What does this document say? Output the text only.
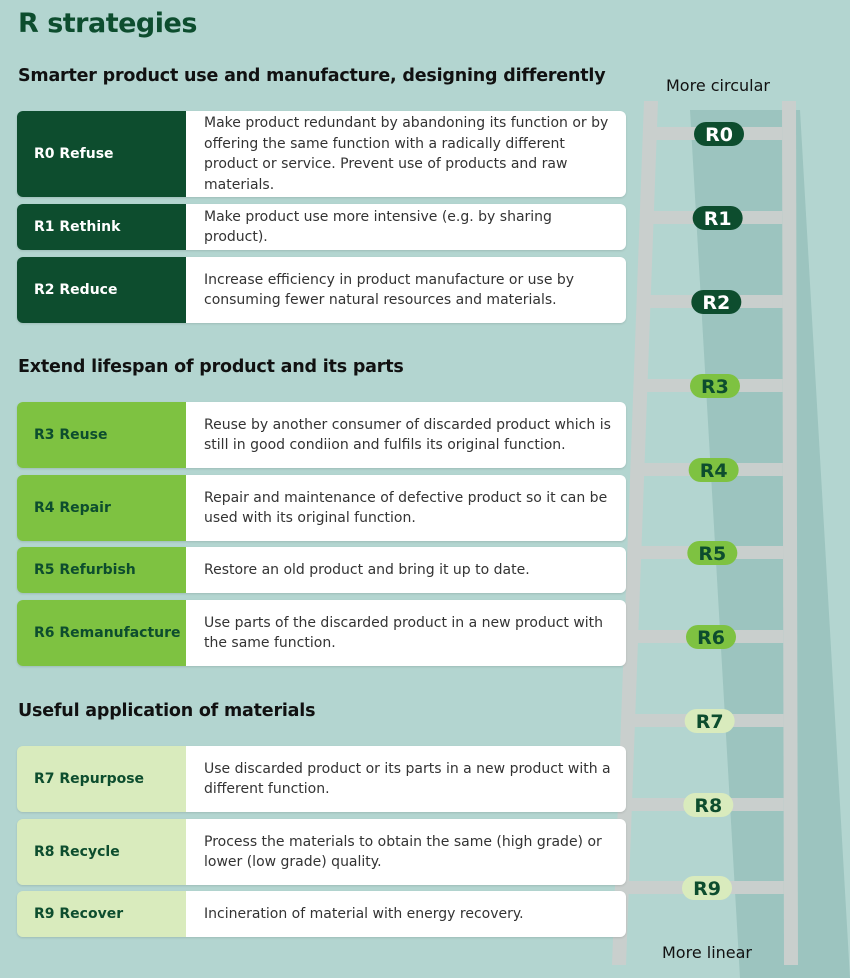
R0
R1
R2
R3
R4
R5
R6
R7
R8
R9
R strategies
Smarter product use and manufacture, designing differently
Extend lifespan of product and its parts
Useful application of materials
R0 Refuse
Make product redundant by abandoning its function or by offering the same function with a radically different product or service. Prevent use of products and raw materials.
R1 Rethink
Make product use more intensive (e.g. by sharing product).
R2 Reduce
Increase efficiency in product manufacture or use by consuming fewer natural resources and materials.
R3 Reuse
Reuse by another consumer of discarded product which is still in good condiion and fulfils its original function.
R4 Repair
Repair and maintenance of defective product so it can be used with its original function.
R5 Refurbish	Restore an old product and bring it up to date.
R6 Remanufacture
Use parts of the discarded product in a new product with the same function.
R7 Repurpose
Use discarded product or its parts in a new product with a different function.
R8 Recycle
Process the materials to obtain the same (high grade) or lower (low grade) quality.
R9 Recover	Incineration of material with energy recovery.
More circular
More linear
